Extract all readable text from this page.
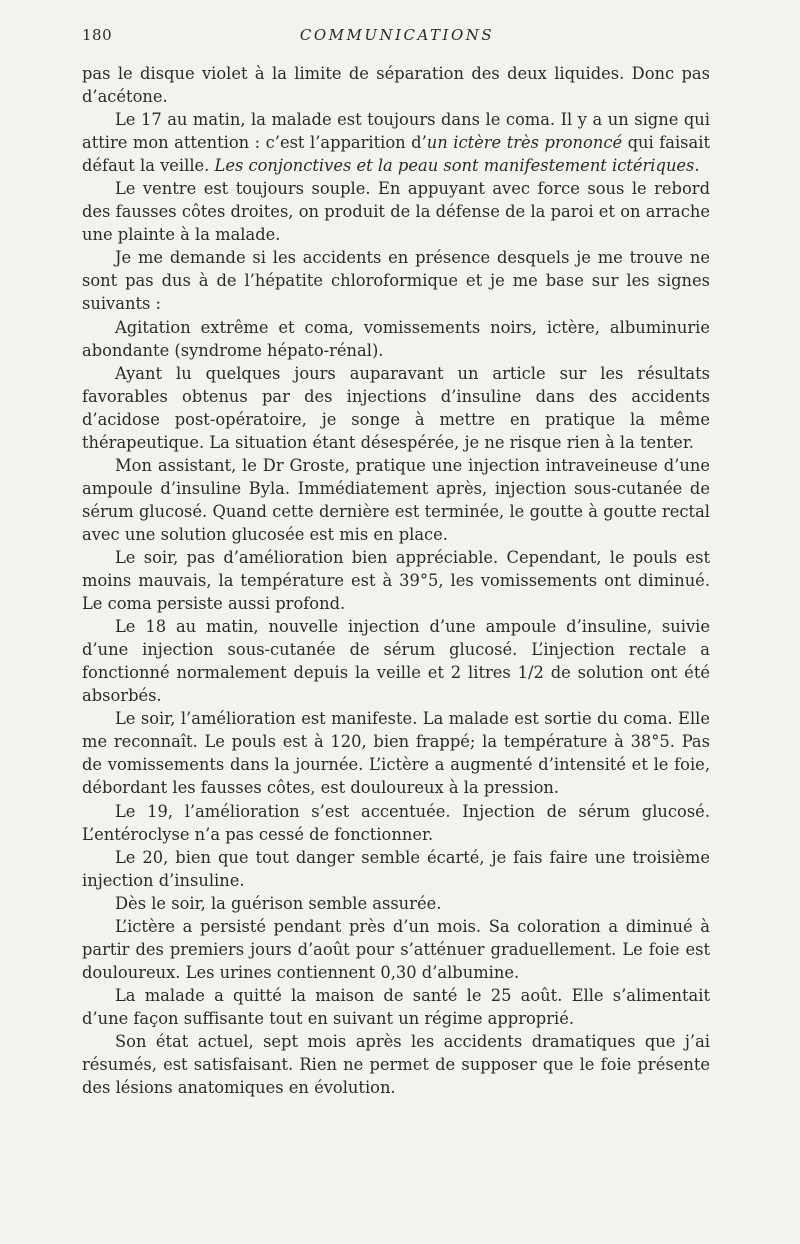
180	COMMUNICATIONS

pas le disque violet à la limite de séparation des deux liquides. Donc pas d’acétone.

Le 17 au matin, la malade est toujours dans le coma. Il y a un signe qui attire mon attention : c’est l’apparition d’un ictère très prononcé qui faisait défaut la veille. Les conjonctives et la peau sont manifestement ictériques.

Le ventre est toujours souple. En appuyant avec force sous le rebord des fausses côtes droites, on produit de la défense de la paroi et on arrache une plainte à la malade.

Je me demande si les accidents en présence desquels je me trouve ne sont pas dus à de l’hépatite chloroformique et je me base sur les signes suivants :

Agitation extrême et coma, vomissements noirs, ictère, albuminurie abondante (syndrome hépato-rénal).

Ayant lu quelques jours auparavant un article sur les résultats favorables obtenus par des injections d’insuline dans des accidents d’acidose post-opératoire, je songe à mettre en pratique la même thérapeutique. La situation étant désespérée, je ne risque rien à la tenter.

Mon assistant, le Dr Groste, pratique une injection intraveineuse d’une ampoule d’insuline Byla. Immédiatement après, injection sous-cutanée de sérum glucosé. Quand cette dernière est terminée, le goutte à goutte rectal avec une solution glucosée est mis en place.

Le soir, pas d’amélioration bien appréciable. Cependant, le pouls est moins mauvais, la température est à 39°5, les vomissements ont diminué. Le coma persiste aussi profond.

Le 18 au matin, nouvelle injection d’une ampoule d’insuline, suivie d’une injection sous-cutanée de sérum glucosé. L’injection rectale a fonctionné normalement depuis la veille et 2 litres 1/2 de solution ont été absorbés.

Le soir, l’amélioration est manifeste. La malade est sortie du coma. Elle me reconnaît. Le pouls est à 120, bien frappé; la température à 38°5. Pas de vomissements dans la journée. L’ictère a augmenté d’intensité et le foie, débordant les fausses côtes, est douloureux à la pression.

Le 19, l’amélioration s’est accentuée. Injection de sérum glucosé. L’entéroclyse n’a pas cessé de fonctionner.

Le 20, bien que tout danger semble écarté, je fais faire une troisième injection d’insuline.

Dès le soir, la guérison semble assurée.

L’ictère a persisté pendant près d’un mois. Sa coloration a diminué à partir des premiers jours d’août pour s’atténuer graduellement. Le foie est douloureux. Les urines contiennent 0,30 d’albumine.

La malade a quitté la maison de santé le 25 août. Elle s’alimentait d’une façon suffisante tout en suivant un régime approprié.

Son état actuel, sept mois après les accidents dramatiques que j’ai résumés, est satisfaisant. Rien ne permet de supposer que le foie présente des lésions anatomiques en évolution.
